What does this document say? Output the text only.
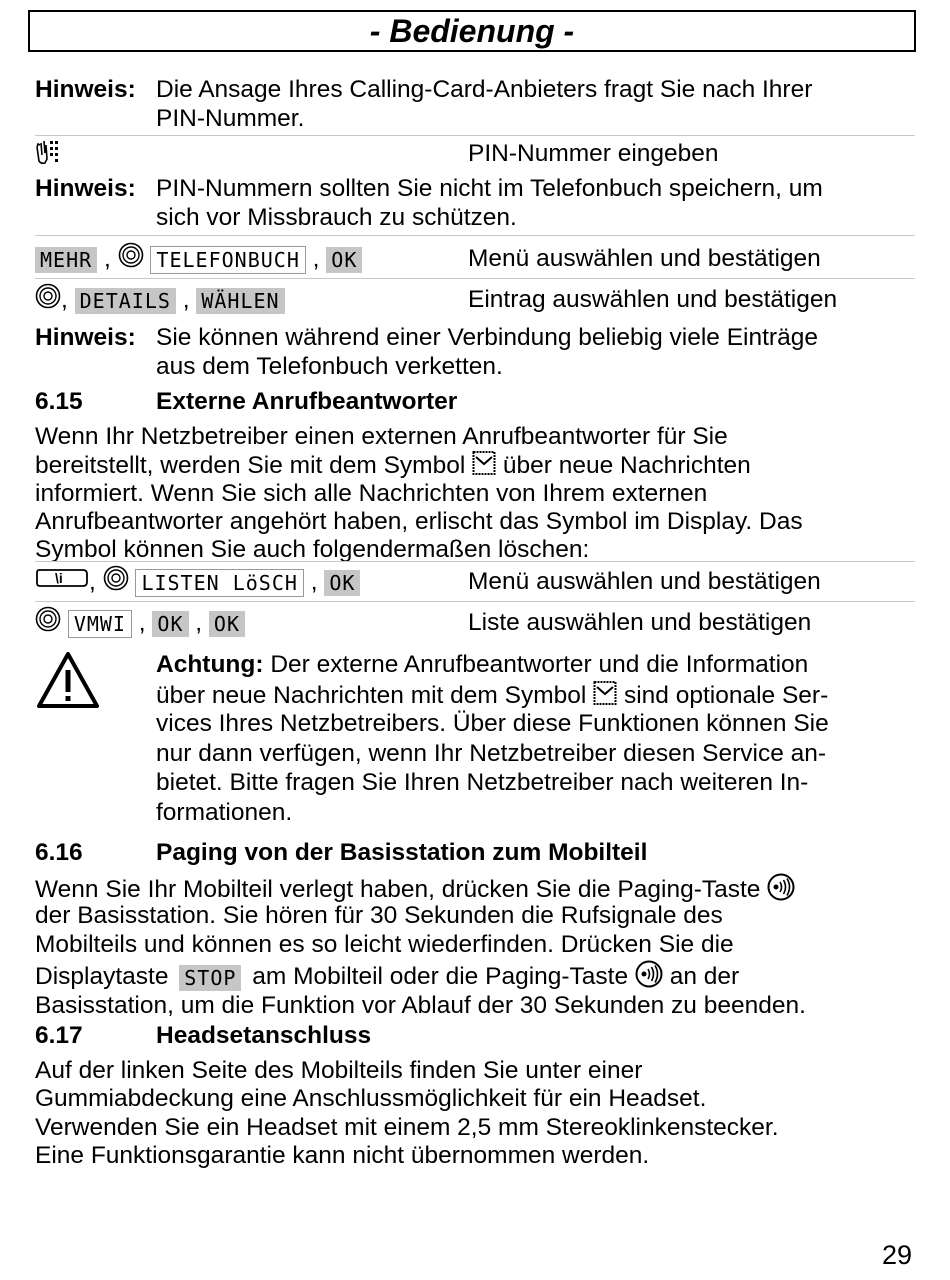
- Bedienung -
Hinweis: Die Ansage Ihres Calling-Card-Anbieters fragt Sie nach Ihrer
PIN-Nummer.
PIN-Nummer eingeben
Hinweis: PIN-Nummern sollten Sie nicht im Telefonbuch speichern, um
sich vor Missbrauch zu schützen.
MEHR ,  TELEFONBUCH , OK	Menü auswählen und bestätigen
, DETAILS , WÄHLEN	Eintrag auswählen und bestätigen
Hinweis: Sie können während einer Verbindung beliebig viele Einträge
aus dem Telefonbuch verketten.
6.15	Externe Anrufbeantworter
Wenn Ihr Netzbetreiber einen externen Anrufbeantworter für Sie
bereitstellt, werden Sie mit dem Symbol über neue Nachrichten
informiert. Wenn Sie sich alle Nachrichten von Ihrem externen
Anrufbeantworter angehört haben, erlischt das Symbol im Display. Das
Symbol können Sie auch folgendermaßen löschen:
\i ,  LISTEN LöSCH , OK	Menü auswählen und bestätigen
VMWI , OK , OK	Liste auswählen und bestätigen
Achtung: Der externe Anrufbeantworter und die Information
über neue Nachrichten mit dem Symbol sind optionale Ser-
vices Ihres Netzbetreibers. Über diese Funktionen können Sie
nur dann verfügen, wenn Ihr Netzbetreiber diesen Service an-
bietet. Bitte fragen Sie Ihren Netzbetreiber nach weiteren In-
formationen.
6.16	Paging von der Basisstation zum Mobilteil
Wenn Sie Ihr Mobilteil verlegt haben, drücken Sie die Paging-Taste
der Basisstation. Sie hören für 30 Sekunden die Rufsignale des
Mobilteils und können es so leicht wiederfinden. Drücken Sie die
Displaytaste STOP am Mobilteil oder die Paging-Taste an der
Basisstation, um die Funktion vor Ablauf der 30 Sekunden zu beenden.
6.17	Headsetanschluss
Auf der linken Seite des Mobilteils finden Sie unter einer
Gummiabdeckung eine Anschlussmöglichkeit für ein Headset.
Verwenden Sie ein Headset mit einem 2,5 mm Stereoklinkenstecker.
Eine Funktionsgarantie kann nicht übernommen werden.
29
